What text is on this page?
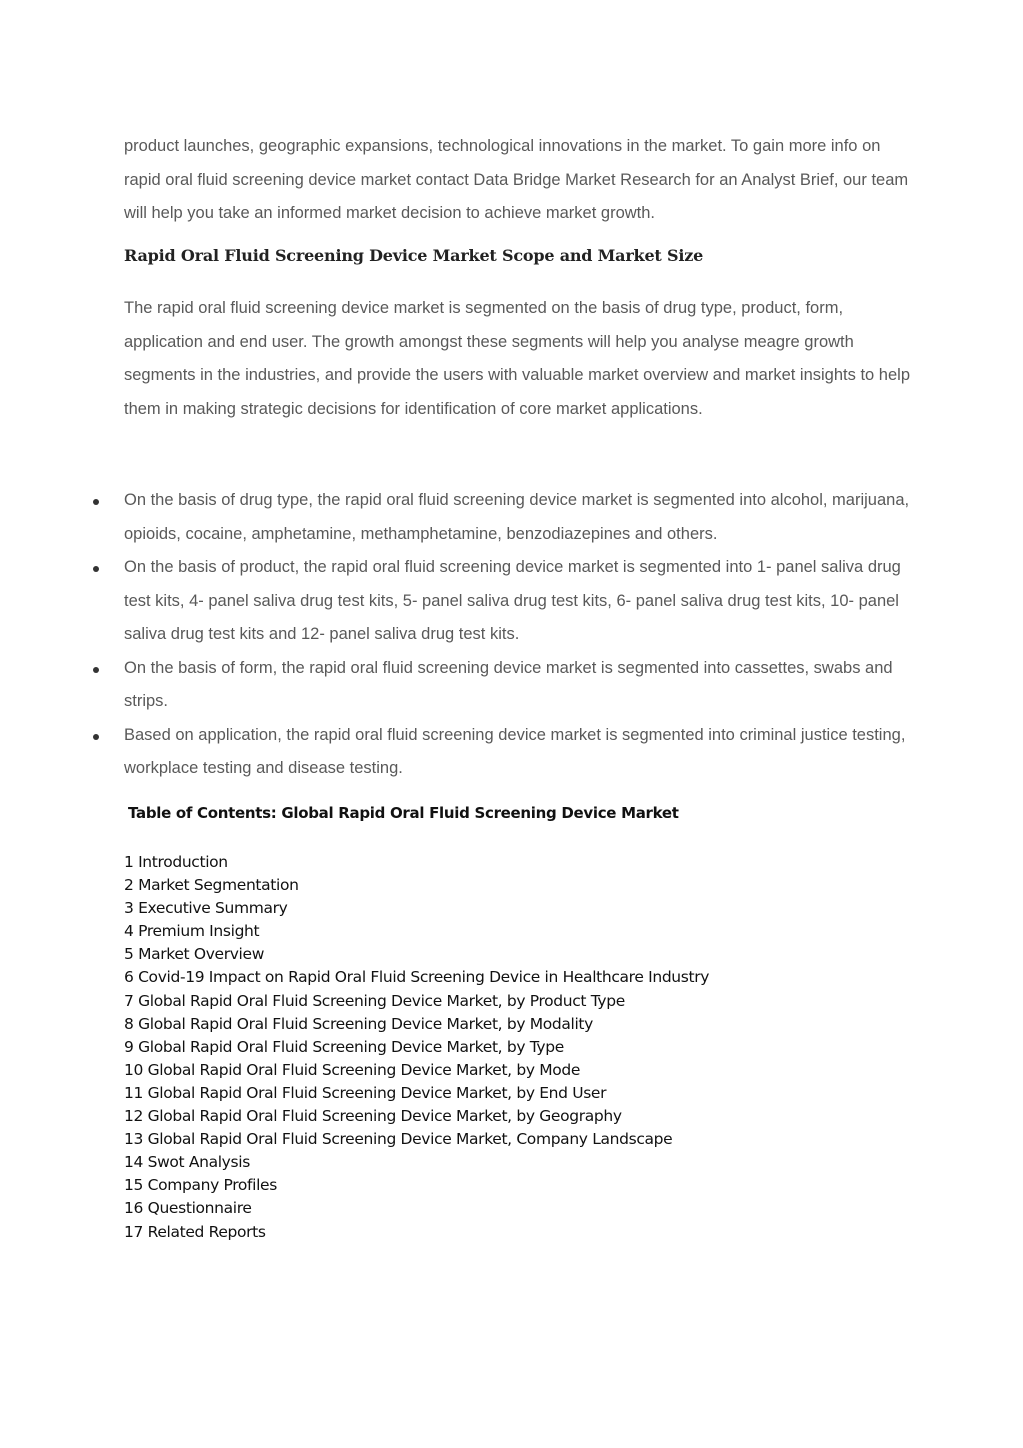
product launches, geographic expansions, technological innovations in the market. To gain more info on rapid oral fluid screening device market contact Data Bridge Market Research for an Analyst Brief, our team will help you take an informed market decision to achieve market growth.

Rapid Oral Fluid Screening Device Market Scope and Market Size

The rapid oral fluid screening device market is segmented on the basis of drug type, product, form, application and end user. The growth amongst these segments will help you analyse meagre growth segments in the industries, and provide the users with valuable market overview and market insights to help them in making strategic decisions for identification of core market applications.

On the basis of drug type, the rapid oral fluid screening device market is segmented into alcohol, marijuana, opioids, cocaine, amphetamine, methamphetamine, benzodiazepines and others.
On the basis of product, the rapid oral fluid screening device market is segmented into 1- panel saliva drug test kits, 4- panel saliva drug test kits, 5- panel saliva drug test kits, 6- panel saliva drug test kits, 10- panel saliva drug test kits and 12- panel saliva drug test kits.
On the basis of form, the rapid oral fluid screening device market is segmented into cassettes, swabs and strips.
Based on application, the rapid oral fluid screening device market is segmented into criminal justice testing, workplace testing and disease testing.
Table of Contents: Global Rapid Oral Fluid Screening Device Market
1 Introduction
2 Market Segmentation
3 Executive Summary
4 Premium Insight
5 Market Overview
6 Covid-19 Impact on Rapid Oral Fluid Screening Device in Healthcare Industry
7 Global Rapid Oral Fluid Screening Device Market, by Product Type
8 Global Rapid Oral Fluid Screening Device Market, by Modality
9 Global Rapid Oral Fluid Screening Device Market, by Type
10 Global Rapid Oral Fluid Screening Device Market, by Mode
11 Global Rapid Oral Fluid Screening Device Market, by End User
12 Global Rapid Oral Fluid Screening Device Market, by Geography
13 Global Rapid Oral Fluid Screening Device Market, Company Landscape
14 Swot Analysis
15 Company Profiles
16 Questionnaire
17 Related Reports
